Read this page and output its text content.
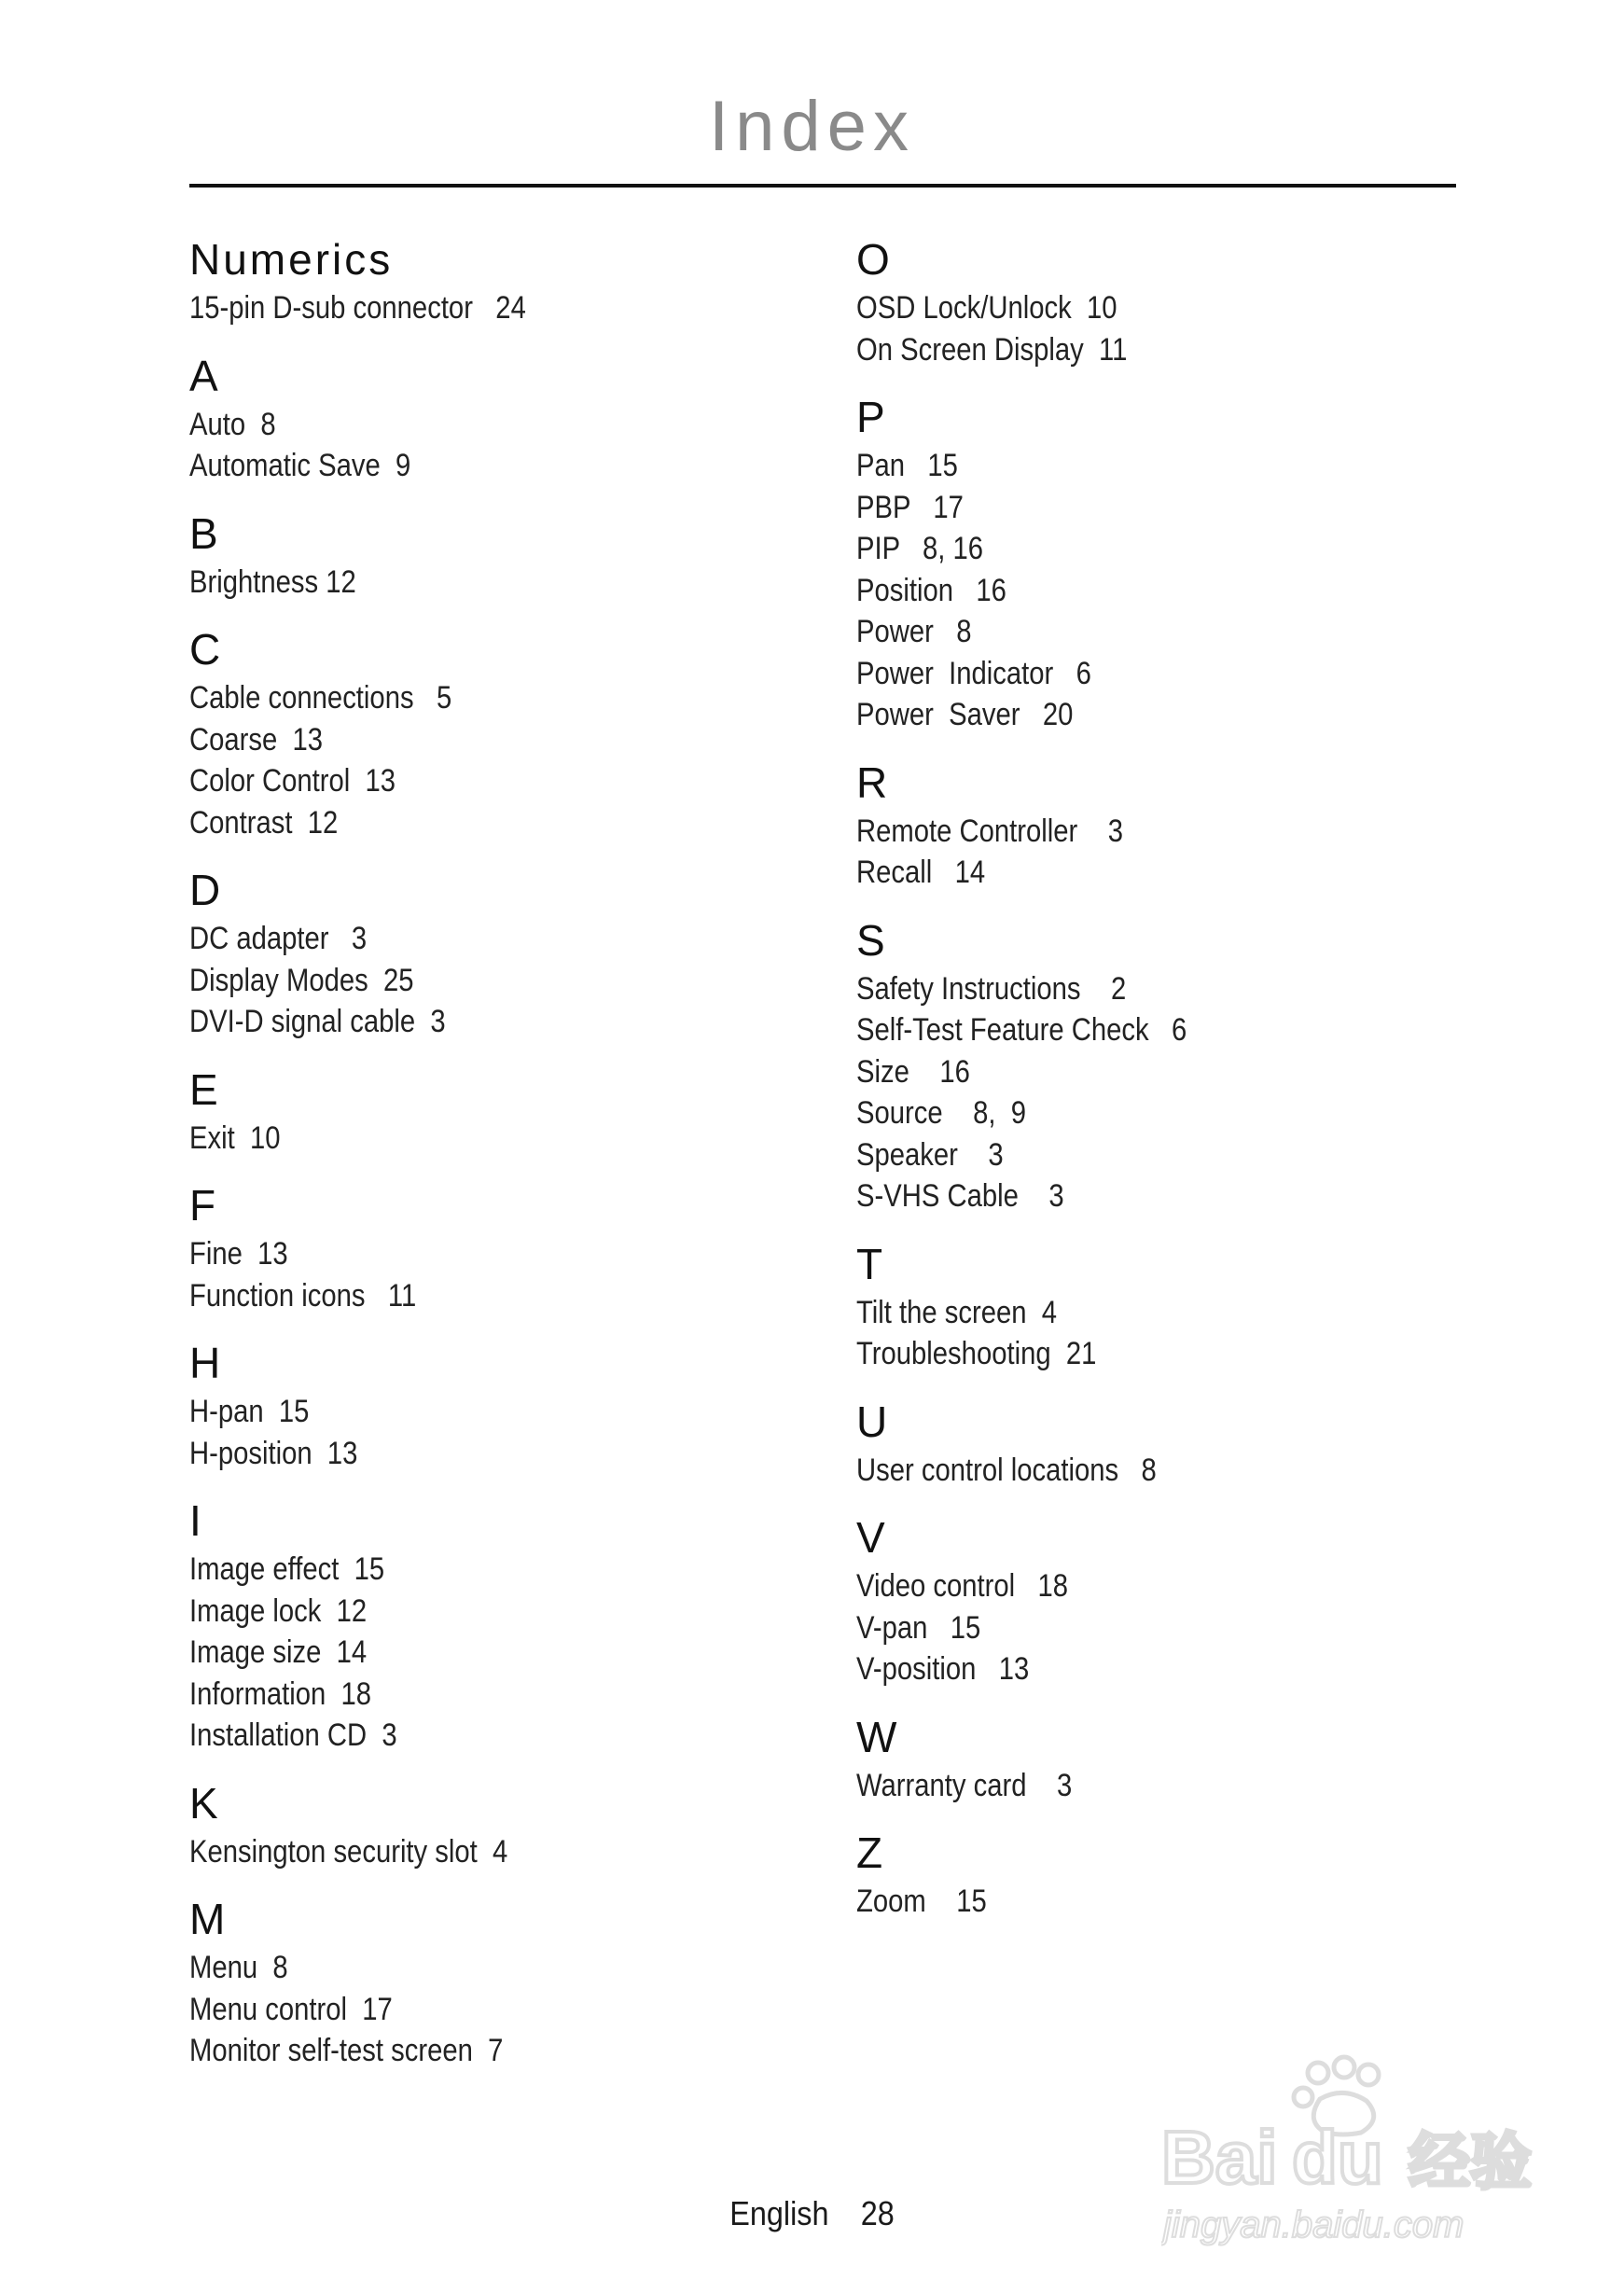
Index
Numerics
15-pin D-sub connector   24
A
Auto  8
Automatic Save  9
B
Brightness 12
C
Cable connections   5
Coarse  13
Color Control  13
Contrast  12
D
DC adapter   3
Display Modes  25
DVI-D signal cable  3
E
Exit  10
F
Fine  13
Function icons   11
H
H-pan  15
H-position  13
I
Image effect  15
Image lock  12
Image size  14
Information  18
Installation CD  3
K
Kensington security slot  4
M
Menu  8
Menu control  17
Monitor self-test screen  7
O
OSD Lock/Unlock  10
On Screen Display  11
P
Pan   15
PBP   17
PIP   8, 16
Position   16
Power   8
Power  Indicator   6
Power  Saver   20
R
Remote Controller    3
Recall   14
S
Safety Instructions    2
Self-Test Feature Check   6
Size    16
Source    8,  9
Speaker    3
S-VHS Cable    3
T
Tilt the screen  4
Troubleshooting  21
U
User control locations   8
V
Video control   18
V-pan   15
V-position   13
W
Warranty card    3
Z
Zoom    15
English 28
Bai du 经验
jingyan.baidu.com
